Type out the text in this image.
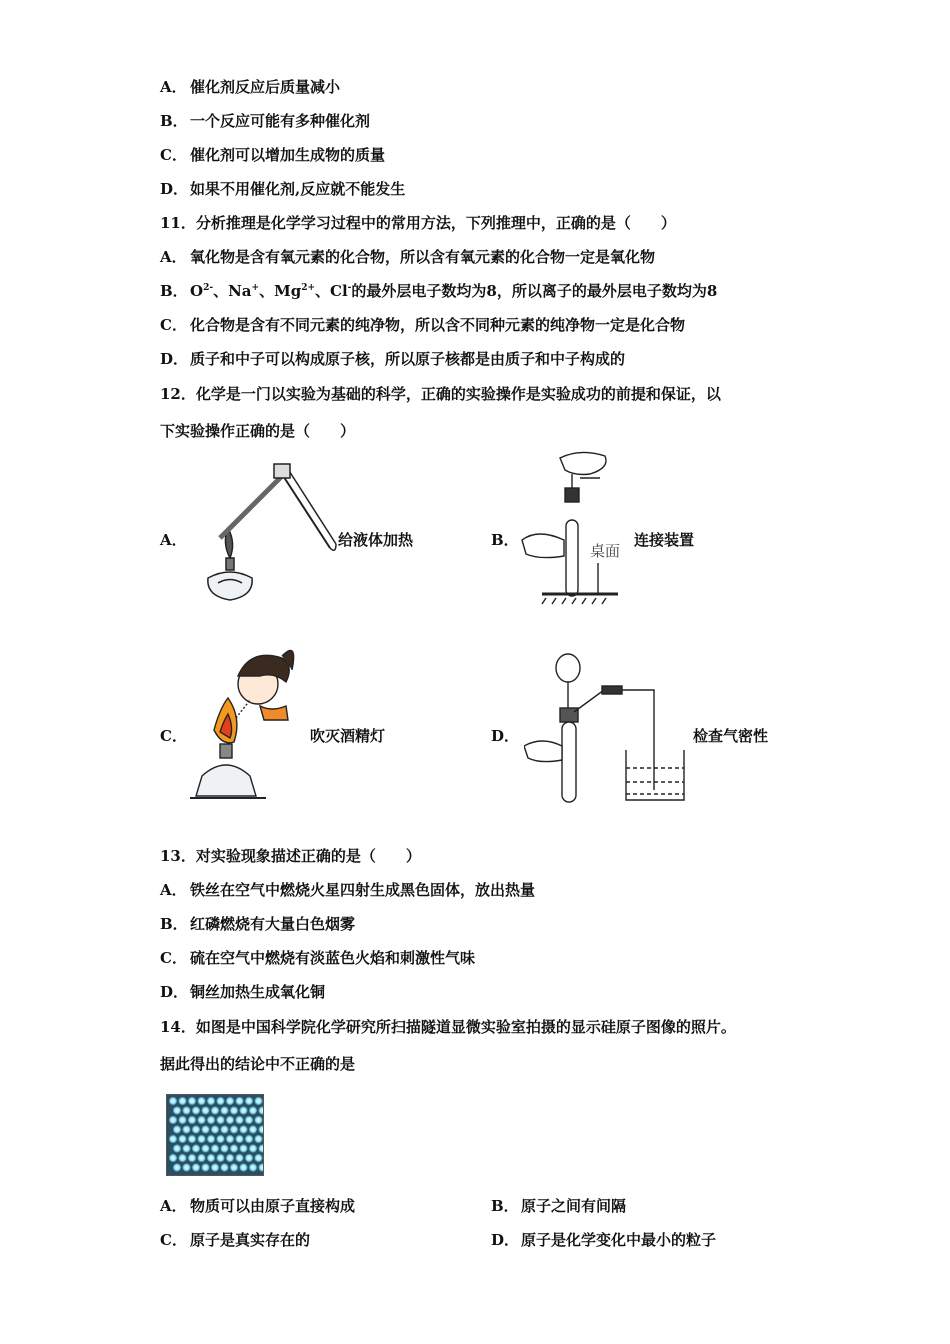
A． 催化剂反应后质量减小
B． 一个反应可能有多种催化剂
C． 催化剂可以增加生成物的质量
D． 如果不用催化剂,反应就不能发生
11．分析推理是化学学习过程中的常用方法，下列推理中，正确的是（　　）
A． 氧化物是含有氧元素的化合物，所以含有氧元素的化合物一定是氧化物
B． $O^{2-}$、Na+、$Mg^{2+}$、Cl-的最外层电子数均为8，所以离子的最外层电子数均为8
C． 化合物是含有不同元素的纯净物，所以含不同种元素的纯净物一定是化合物
D． 质子和中子可以构成原子核，所以原子核都是由质子和中子构成的
12．化学是一门以实验为基础的科学，正确的实验操作是实验成功的前提和保证，以
下实验操作正确的是（　　）
A．	给液体加热	B．
桌面
连接装置
C．	吹灭酒精灯	D．	检查气密性
13．对实验现象描述正确的是（　　）
A． 铁丝在空气中燃烧火星四射生成黑色固体，放出热量
B． 红磷燃烧有大量白色烟雾
C． 硫在空气中燃烧有淡蓝色火焰和刺激性气味
D． 铜丝加热生成氧化铜
14．如图是中国科学院化学研究所扫描隧道显微实验室拍摄的显示硅原子图像的照片。
据此得出的结论中不正确的是
A． 物质可以由原子直接构成	B． 原子之间有间隔
C． 原子是真实存在的	D． 原子是化学变化中最小的粒子
